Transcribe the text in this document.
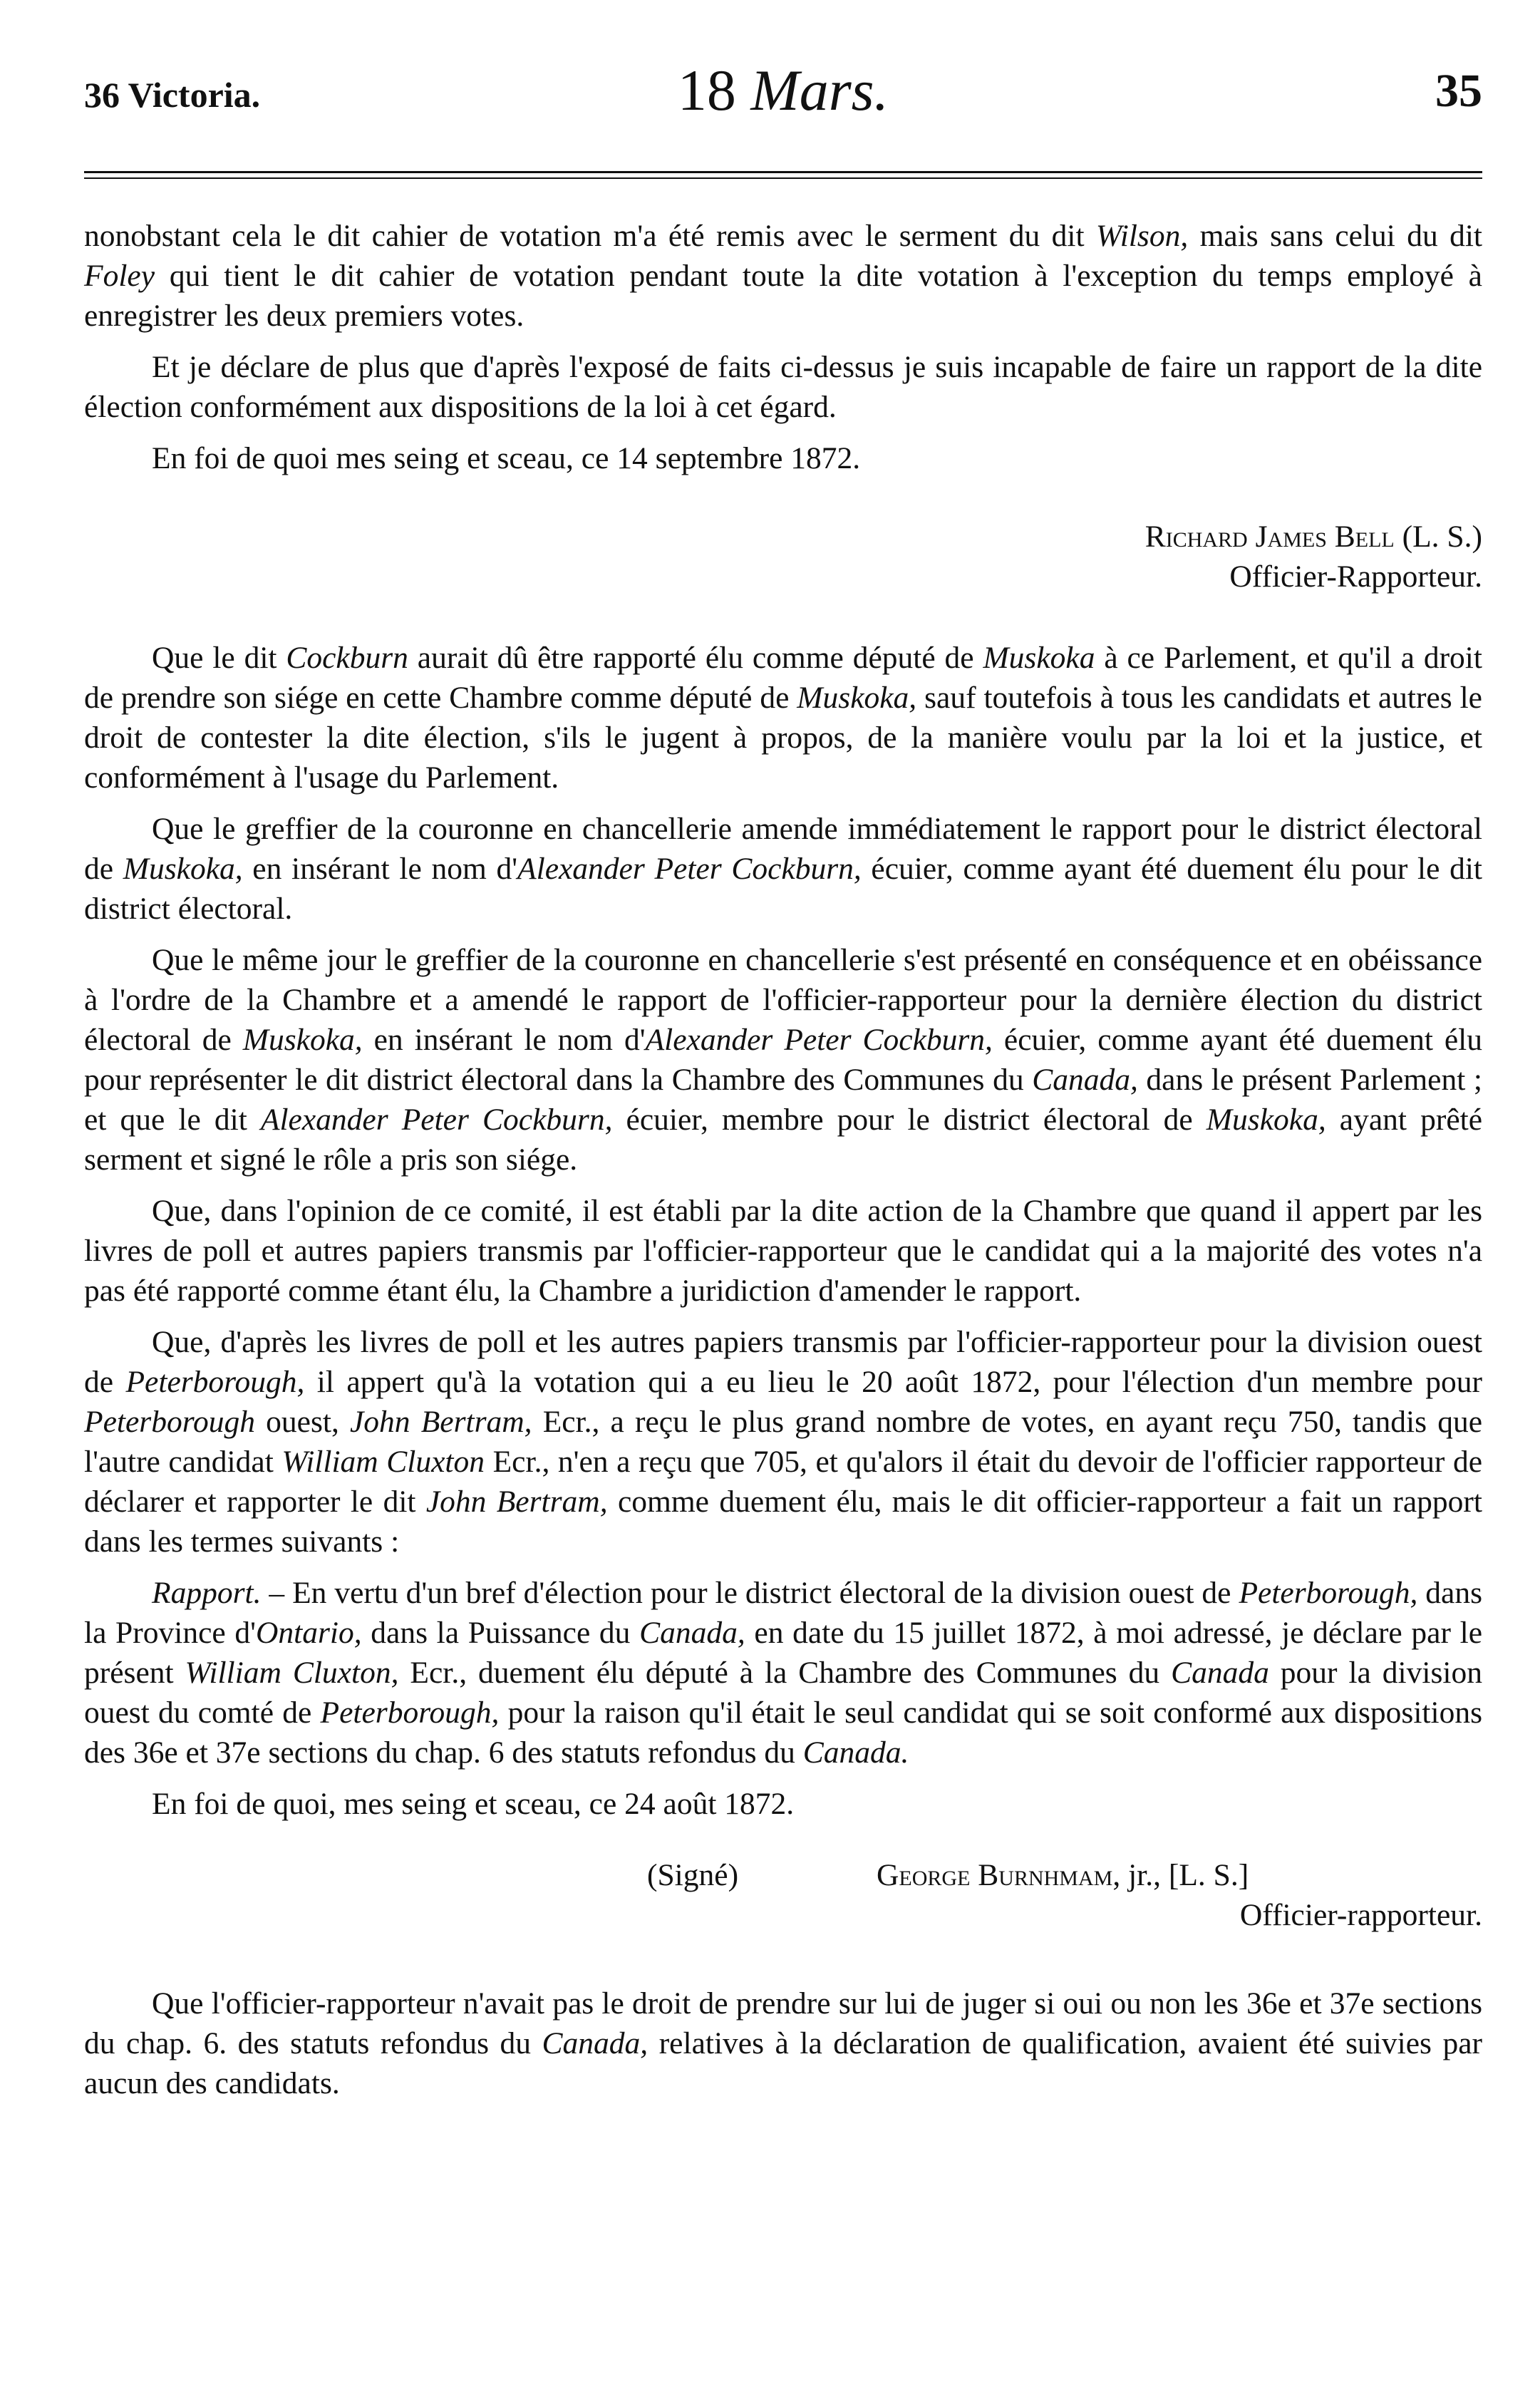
36 Victoria.	18 Mars.	35

nonobstant cela le dit cahier de votation m'a été remis avec le serment du dit Wilson, mais sans celui du dit Foley qui tient le dit cahier de votation pendant toute la dite votation à l'exception du temps employé à enregistrer les deux premiers votes.

Et je déclare de plus que d'après l'exposé de faits ci-dessus je suis incapable de faire un rapport de la dite élection conformément aux dispositions de la loi à cet égard.

En foi de quoi mes seing et sceau, ce 14 septembre 1872.

Richard James Bell (L. S.)
Officier-Rapporteur.

Que le dit Cockburn aurait dû être rapporté élu comme député de Muskoka à ce Parlement, et qu'il a droit de prendre son siége en cette Chambre comme député de Muskoka, sauf toutefois à tous les candidats et autres le droit de contester la dite élection, s'ils le jugent à propos, de la manière voulu par la loi et la justice, et conformément à l'usage du Parlement.

Que le greffier de la couronne en chancellerie amende immédiatement le rapport pour le district électoral de Muskoka, en insérant le nom d'Alexander Peter Cockburn, écuier, comme ayant été duement élu pour le dit district électoral.

Que le même jour le greffier de la couronne en chancellerie s'est présenté en conséquence et en obéissance à l'ordre de la Chambre et a amendé le rapport de l'officier-rapporteur pour la dernière élection du district électoral de Muskoka, en insérant le nom d'Alexander Peter Cockburn, écuier, comme ayant été duement élu pour représenter le dit district électoral dans la Chambre des Communes du Canada, dans le présent Parlement ; et que le dit Alexander Peter Cockburn, écuier, membre pour le district électoral de Muskoka, ayant prêté serment et signé le rôle a pris son siége.

Que, dans l'opinion de ce comité, il est établi par la dite action de la Chambre que quand il appert par les livres de poll et autres papiers transmis par l'officier-rapporteur que le candidat qui a la majorité des votes n'a pas été rapporté comme étant élu, la Chambre a juridiction d'amender le rapport.

Que, d'après les livres de poll et les autres papiers transmis par l'officier-rapporteur pour la division ouest de Peterborough, il appert qu'à la votation qui a eu lieu le 20 août 1872, pour l'élection d'un membre pour Peterborough ouest, John Bertram, Ecr., a reçu le plus grand nombre de votes, en ayant reçu 750, tandis que l'autre candidat William Cluxton Ecr., n'en a reçu que 705, et qu'alors il était du devoir de l'officier rapporteur de déclarer et rapporter le dit John Bertram, comme duement élu, mais le dit officier-rapporteur a fait un rapport dans les termes suivants :

Rapport. – En vertu d'un bref d'élection pour le district électoral de la division ouest de Peterborough, dans la Province d'Ontario, dans la Puissance du Canada, en date du 15 juillet 1872, à moi adressé, je déclare par le présent William Cluxton, Ecr., duement élu député à la Chambre des Communes du Canada pour la division ouest du comté de Peterborough, pour la raison qu'il était le seul candidat qui se soit conformé aux dispositions des 36e et 37e sections du chap. 6 des statuts refondus du Canada.

En foi de quoi, mes seing et sceau, ce 24 août 1872.

(Signé)	George Burnhmam, jr., [L. S.]
Officier-rapporteur.

Que l'officier-rapporteur n'avait pas le droit de prendre sur lui de juger si oui ou non les 36e et 37e sections du chap. 6. des statuts refondus du Canada, relatives à la déclaration de qualification, avaient été suivies par aucun des candidats.
